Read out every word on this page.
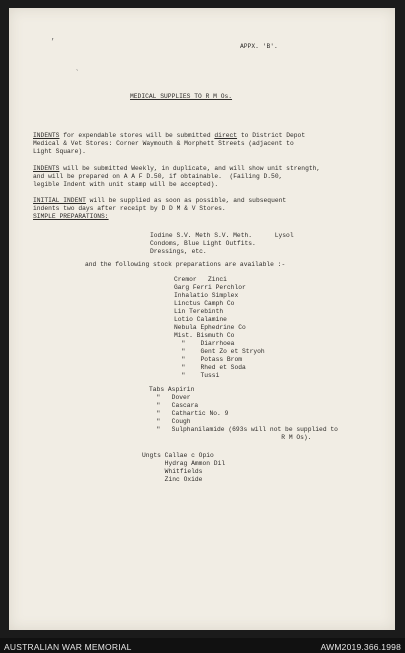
,
`
APPX. 'B'.
MEDICAL SUPPLIES TO R M Os.
INDENTS for expendable stores will be submitted direct to District Depot
Medical & Vet Stores: Corner Waymouth & Morphett Streets (adjacent to
Light Square).
INDENTS will be submitted Weekly, in duplicate, and will show unit strength,
and will be prepared on A A F D.50, if obtainable.  (Failing D.50,
legible Indent with unit stamp will be accepted).
INITIAL INDENT will be supplied as soon as possible, and subsequent
indents two days after receipt by D D M & V Stores.
SIMPLE PREPARATIONS:
Iodine S.V. Meth S.V. Meth.      Lysol
Condoms, Blue Light Outfits.
Dressings, etc.
and the following stock preparations are available :-
Cremor   Zinci
Garg Ferri Perchlor
Inhalatio Simplex
Linctus Camph Co
Lin Terebinth
Lotio Calamine
Nebula Ephedrine Co
Mist. Bismuth Co
"    Diarrhoea
"    Gent Zo et Stryoh
"    Potass Brom
"    Rhed et Soda
"    Tussi
Tabs Aspirin
"   Dover
"   Cascara
"   Cathartic No. 9
"   Cough
"   Sulphanilamide (693s will not be supplied to
R M Os).
Ungts Callae c Opio
Hydrag Ammon Dil
Whitfields
Zinc Oxide
AUSTRALIAN WAR MEMORIAL	AWM2019.366.1998
